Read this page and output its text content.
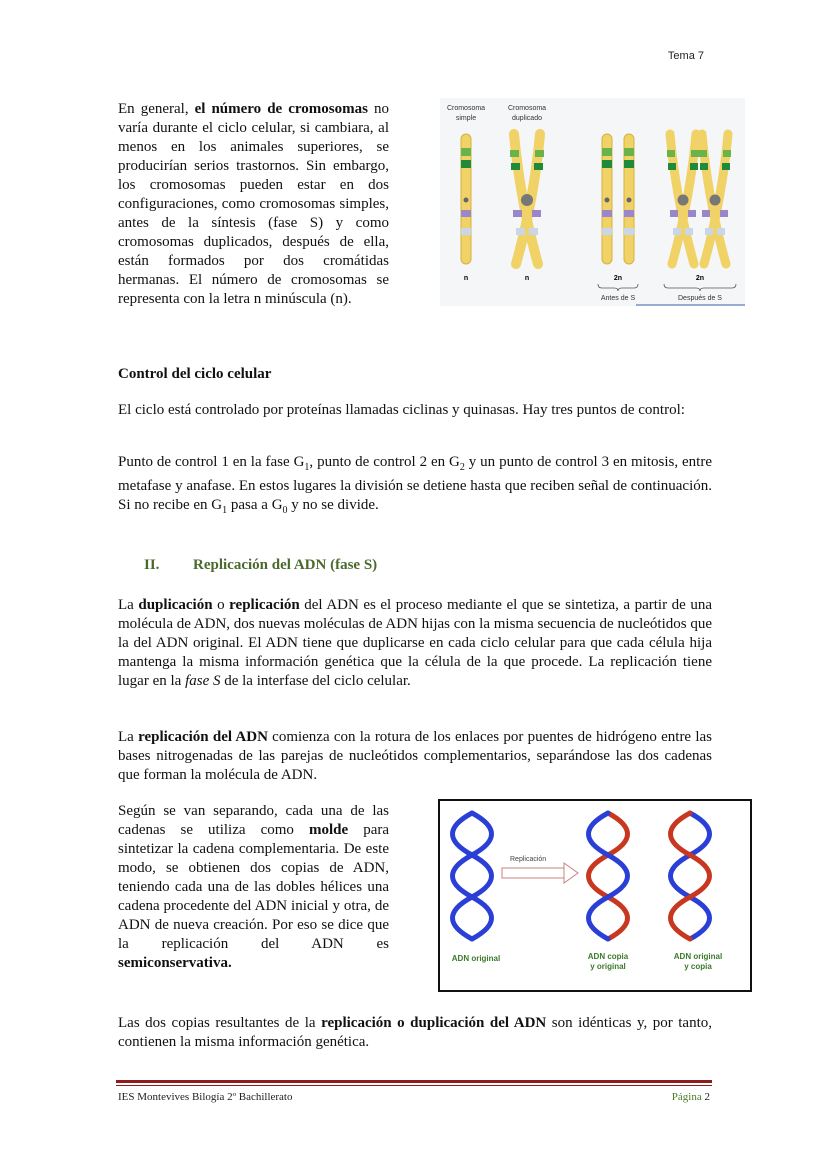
Tema 7

En general, el número de cromosomas no varía durante el ciclo celular, si cambiara, al menos en los animales superiores, se producirían serios trastornos. Sin embargo, los cromosomas pueden estar en dos configuraciones, como cromosomas simples, antes de la síntesis (fase S) y como cromosomas duplicados, después de ella, están formados por dos cromátidas hermanas. El número de cromosomas se representa con la letra n minúscula (n).

Cromosoma
simple
Cromosoma
duplicado
n	n	2n	2n
Antes de S	Después de S
Control del ciclo celular

El ciclo está controlado por proteínas llamadas ciclinas y quinasas. Hay tres puntos de control:

Punto de control 1 en la fase $G_1$, punto de control 2 en $G_2$ y un punto de control 3 en mitosis, entre metafase y anafase. En estos lugares la división se detiene hasta que reciben señal de continuación. Si no recibe en $G_1$ pasa a $G_0$ y no se divide.

II. Replicación del ADN (fase S)

La duplicación o replicación del ADN es el proceso mediante el que se sintetiza, a partir de una molécula de ADN, dos nuevas moléculas de ADN hijas con la misma secuencia de nucleótidos que la del ADN original. El ADN tiene que duplicarse en cada ciclo celular para que cada célula hija mantenga la misma información genética que la célula de la que procede. La replicación tiene lugar en la fase S de la interfase del ciclo celular.

La replicación del ADN comienza con la rotura de los enlaces por puentes de hidrógeno entre las bases nitrogenadas de las parejas de nucleótidos complementarios, separándose las dos cadenas que forman la molécula de ADN.

Según se van separando, cada una de las cadenas se utiliza como molde para sintetizar la cadena complementaria. De este modo, se obtienen dos copias de ADN, teniendo cada una de las dobles hélices una cadena procedente del ADN inicial y otra, de ADN de nueva creación. Por eso se dice que la replicación del ADN es semiconservativa.

Replicación
ADN original	ADN copia
y original
ADN original
y copia

Las dos copias resultantes de la replicación o duplicación del ADN son idénticas y, por tanto, contienen la misma información genética.

IES Montevives Bilogía 2º Bachillerato	Página 2
